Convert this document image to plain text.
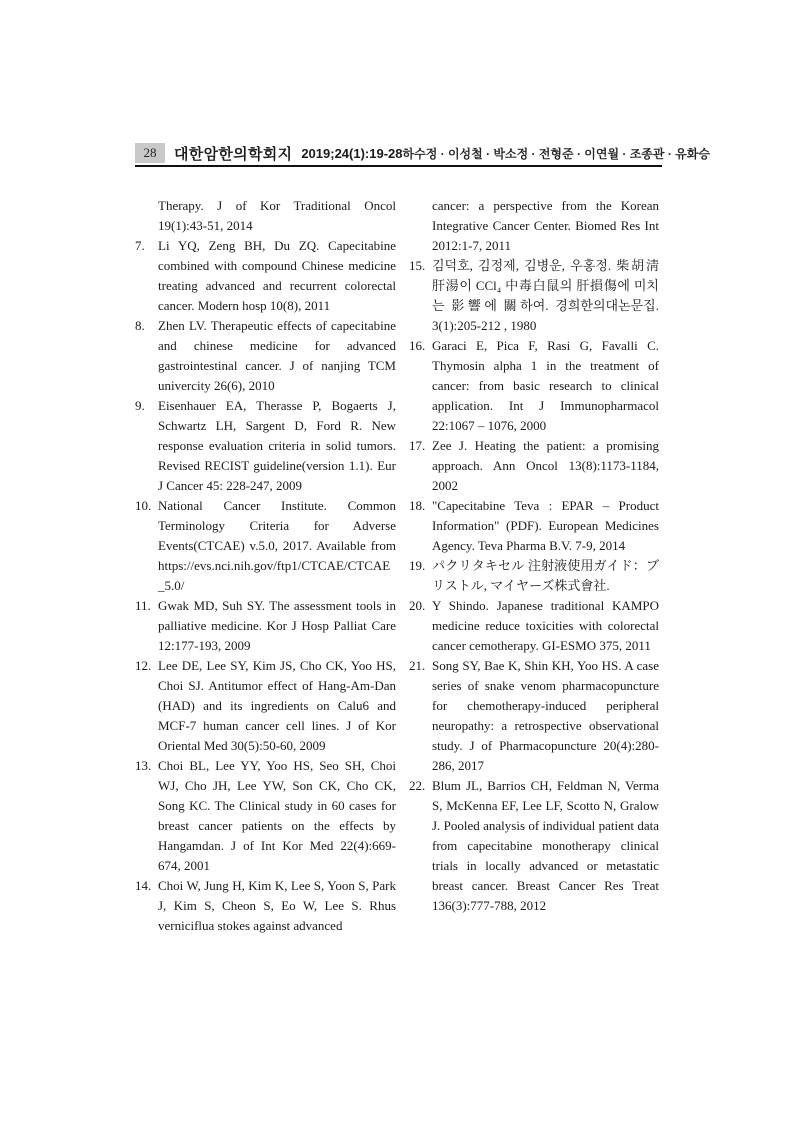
28	대한암한의학회지 2019;24(1):19-28 하수정 · 이성철 · 박소정 · 전형준 · 이연월 · 조종관 · 유화승

Therapy. J of Kor Traditional Oncol 19(1):43-51, 2014

7. Li YQ, Zeng BH, Du ZQ. Capecitabine combined with compound Chinese medicine treating advanced and recurrent colorectal cancer. Modern hosp 10(8), 2011

8. Zhen LV. Therapeutic effects of capecitabine and chinese medicine for advanced gastrointestinal cancer. J of nanjing TCM univercity 26(6), 2010

9. Eisenhauer EA, Therasse P, Bogaerts J, Schwartz LH, Sargent D, Ford R. New response evaluation criteria in solid tumors. Revised RECIST guideline(version 1.1). Eur J Cancer 45: 228-247, 2009

10. National Cancer Institute. Common Terminology Criteria for Adverse Events(CTCAE) v.5.0, 2017. Available from https://evs.nci.nih.gov/ftp1/CTCAE/CTCAE_5.0/

11. Gwak MD, Suh SY. The assessment tools in palliative medicine. Kor J Hosp Palliat Care 12:177-193, 2009

12. Lee DE, Lee SY, Kim JS, Cho CK, Yoo HS, Choi SJ. Antitumor effect of Hang-Am-Dan (HAD) and its ingredients on Calu6 and MCF-7 human cancer cell lines. J of Kor Oriental Med 30(5):50-60, 2009

13. Choi BL, Lee YY, Yoo HS, Seo SH, Choi WJ, Cho JH, Lee YW, Son CK, Cho CK, Song KC. The Clinical study in 60 cases for breast cancer patients on the effects by Hangamdan. J of Int Kor Med 22(4):669-674, 2001

14. Choi W, Jung H, Kim K, Lee S, Yoon S, Park J, Kim S, Cheon S, Eo W, Lee S. Rhus verniciflua stokes against advanced

cancer: a perspective from the Korean Integrative Cancer Center. Biomed Res Int 2012:1-7, 2011

15. 김덕호, 김정제, 김병운, 우홍정. 柴胡淸肝湯이 CCl₄ 中毒白鼠의 肝損傷에 미치는 影響에 關하여. 경희한의대논문집. 3(1):205-212 , 1980

16. Garaci E, Pica F, Rasi G, Favalli C. Thymosin alpha 1 in the treatment of cancer: from basic research to clinical application. Int J Immunopharmacol 22:1067 – 1076, 2000

17. Zee J. Heating the patient: a promising approach. Ann Oncol 13(8):1173-1184, 2002

18. "Capecitabine Teva : EPAR – Product Information" (PDF). European Medicines Agency. Teva Pharma B.V. 7-9, 2014

19. パクリタキセル 注射液使用ガイド：ブリストル, マイヤーズ株式會社.

20. Y Shindo. Japanese traditional KAMPO medicine reduce toxicities with colorectal cancer cemotherapy. GI-ESMO 375, 2011

21. Song SY, Bae K, Shin KH, Yoo HS. A case series of snake venom pharmacopuncture for chemotherapy-induced peripheral neuropathy: a retrospective observational study. J of Pharmacopuncture 20(4):280-286, 2017

22. Blum JL, Barrios CH, Feldman N, Verma S, McKenna EF, Lee LF, Scotto N, Gralow J. Pooled analysis of individual patient data from capecitabine monotherapy clinical trials in locally advanced or metastatic breast cancer. Breast Cancer Res Treat 136(3):777-788, 2012
